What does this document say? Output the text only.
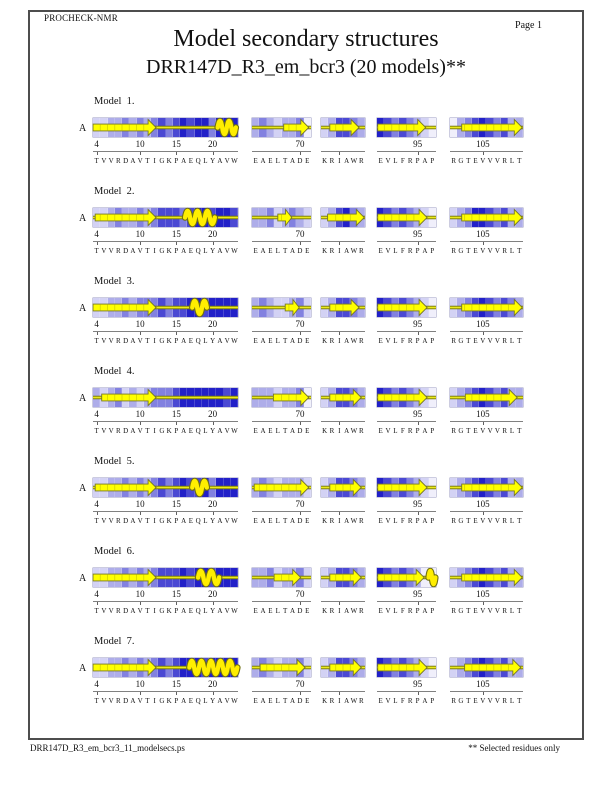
PROCHECK-NMR
Page 1
Model secondary structures
DRR147D_R3_em_bcr3 (20 models)**
Model  1.
A
4	10	15	20
T V V R D A V T I G K P A E Q L Y A V W
70
E A E L T A D E K R I A W R
95
E V L F R P A P
105
R G T E V V V R L T
Model  2.
A
4	10	15	20
T V V R D A V T I G K P A E Q L Y A V W
70
E A E L T A D E K R I A W R
95
E V L F R P A P
105
R G T E V V V R L T
Model  3.
A
4	10	15	20
T V V R D A V T I G K P A E Q L Y A V W
70
E A E L T A D E K R I A W R
95
E V L F R P A P
105
R G T E V V V R L T
Model  4.
A
4	10	15	20
T V V R D A V T I G K P A E Q L Y A V W
70
E A E L T A D E K R I A W R
95
E V L F R P A P
105
R G T E V V V R L T
Model  5.
A
4	10	15	20
T V V R D A V T I G K P A E Q L Y A V W
70
E A E L T A D E K R I A W R
95
E V L F R P A P
105
R G T E V V V R L T
Model  6.
A
4	10	15	20
T V V R D A V T I G K P A E Q L Y A V W
70
E A E L T A D E K R I A W R
95
E V L F R P A P
105
R G T E V V V R L T
Model  7.
A
4	10	15	20
T V V R D A V T I G K P A E Q L Y A V W
70
E A E L T A D E K R I A W R
95
E V L F R P A P
105
R G T E V V V R L T
DRR147D_R3_em_bcr3_11_modelsecs.ps	** Selected residues only
